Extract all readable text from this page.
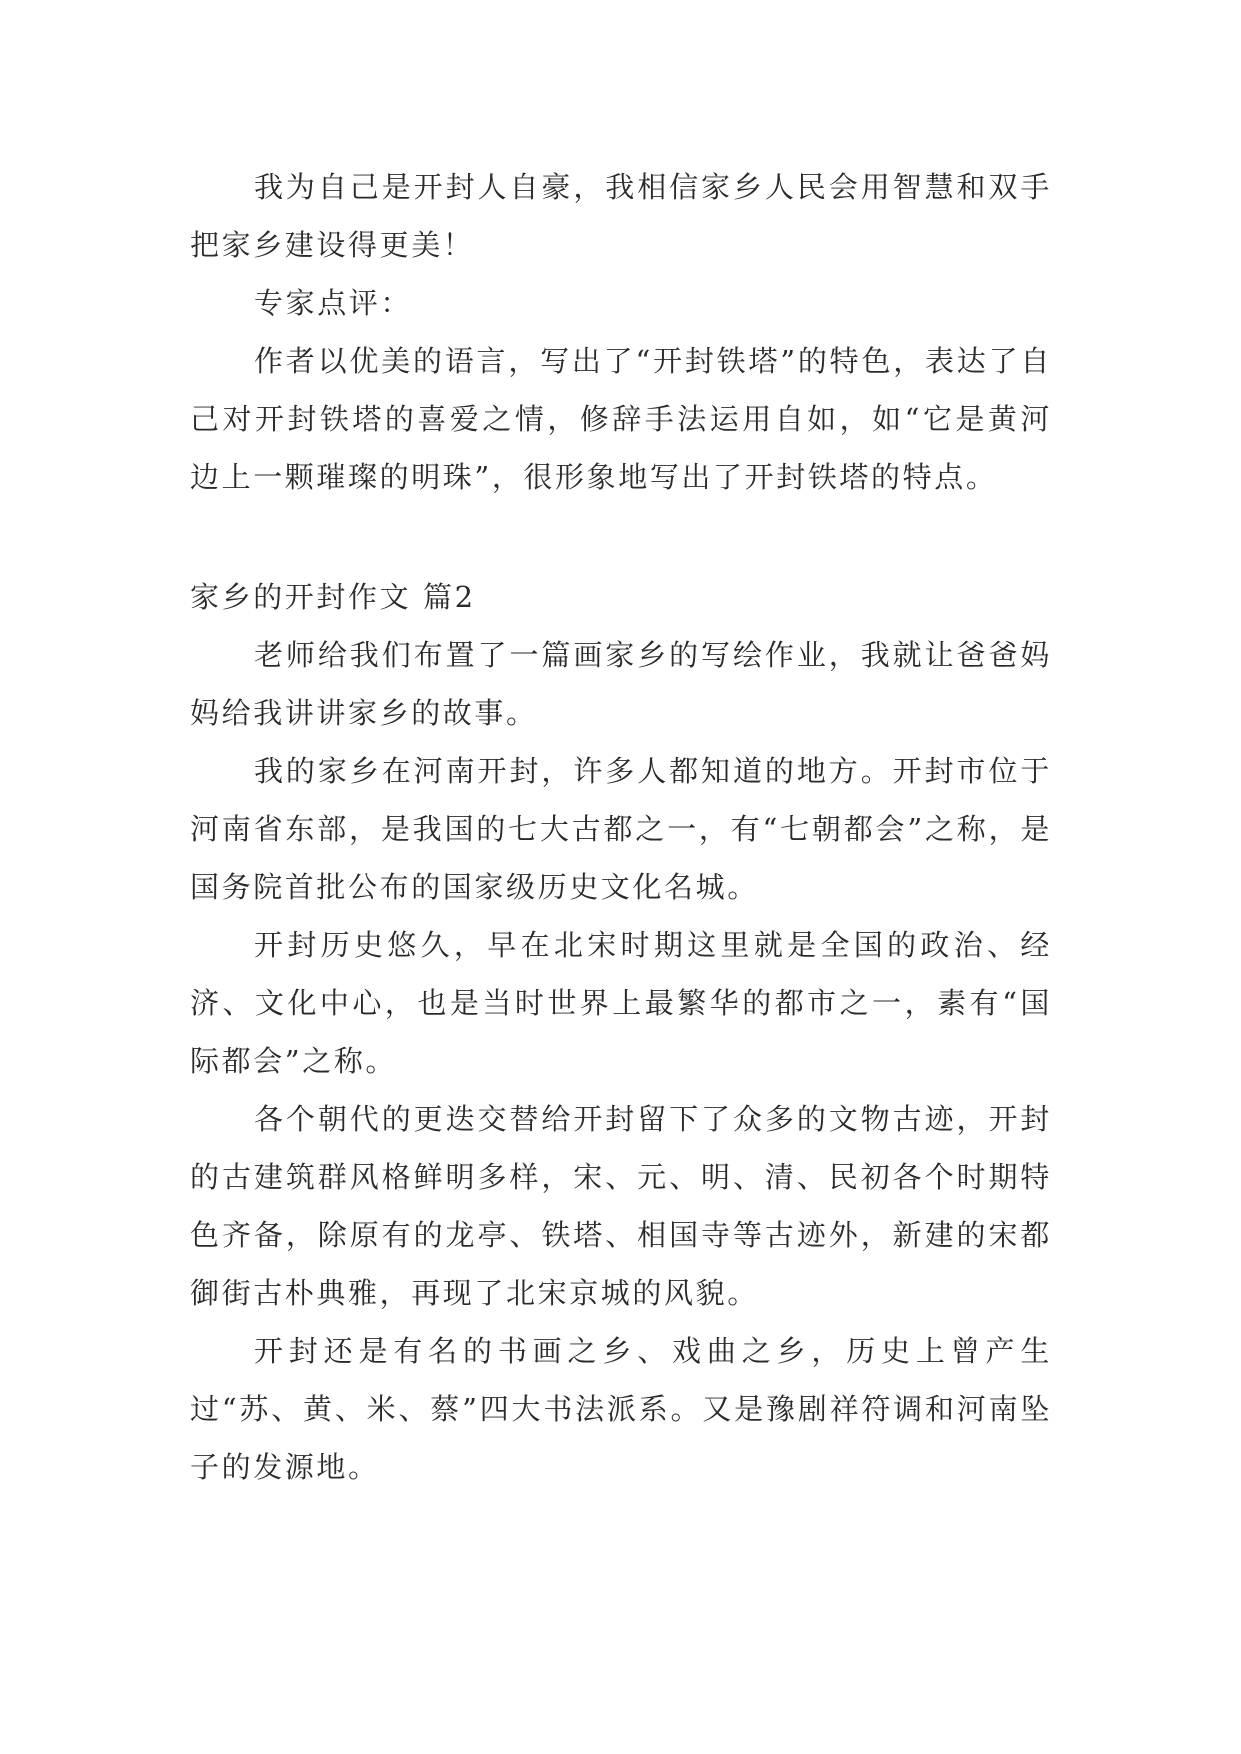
我为自己是开封人自豪，我相信家乡人民会用智慧和双手把家乡建设得更美！

专家点评：

作者以优美的语言，写出了“开封铁塔”的特色，表达了自己对开封铁塔的喜爱之情，修辞手法运用自如，如“它是黄河边上一颗璀璨的明珠”，很形象地写出了开封铁塔的特点。

家乡的开封作文 篇2

老师给我们布置了一篇画家乡的写绘作业，我就让爸爸妈妈给我讲讲家乡的故事。

我的家乡在河南开封，许多人都知道的地方。开封市位于河南省东部，是我国的七大古都之一，有“七朝都会”之称，是国务院首批公布的国家级历史文化名城。

开封历史悠久，早在北宋时期这里就是全国的政治、经济、文化中心，也是当时世界上最繁华的都市之一，素有“国际都会”之称。

各个朝代的更迭交替给开封留下了众多的文物古迹，开封的古建筑群风格鲜明多样，宋、元、明、清、民初各个时期特色齐备，除原有的龙亭、铁塔、相国寺等古迹外，新建的宋都御街古朴典雅，再现了北宋京城的风貌。

开封还是有名的书画之乡、戏曲之乡，历史上曾产生过“苏、黄、米、蔡”四大书法派系。又是豫剧祥符调和河南坠子的发源地。
